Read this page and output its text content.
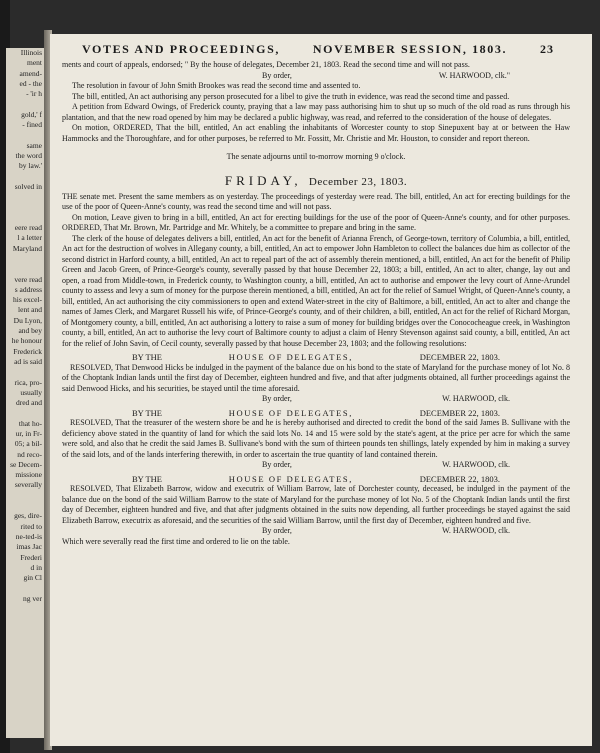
Illinois
ment
amend-
ed - the
- 'ir h

gold,' f
- fined

same
the word
by law.'

solved in

eere read
l a letter
Maryland

vere read
s address
his excel-
lent and
Du Lyon,
and bey
he honour
Frederick
ad is said

rica, pro-
usually
dred and

that ho-
ur, in Fr-
05; a bil-
nd reco-
se Decem-
missione
severally

ges, dire-
rited to
ne-ted-is
imas Jac
Frederi
d in
gin Cl

ng ver

VOTES AND PROCEEDINGS,	NOVEMBER SESSION, 1803.	23

ments and court of appeals, endorsed; " By the house of delegates, December 21, 1803. Read the second time and will not pass.

By order,	W. HARWOOD, clk."

The resolution in favour of John Smith Brookes was read the second time and assented to.

The bill, entitled, An act authorising any person prosecuted for a libel to give the truth in evidence, was read the second time and passed.

A petition from Edward Owings, of Frederick county, praying that a law may pass authorising him to shut up so much of the old road as runs through his plantation, and that the new road opened by him may be declared a public highway, was read, and referred to the consideration of the house of delegates.

On motion, ORDERED, That the bill, entitled, An act enabling the inhabitants of Worcester county to stop Sinepuxent bay at or between the Haw Hammocks and the Thoroughfare, and for other purposes, be referred to Mr. Fossitt, Mr. Christie and Mr. Houston, to consider and report thereon.

The senate adjourns until to-morrow morning 9 o'clock.

FRIDAY, December 23, 1803.

THE senate met. Present the same members as on yesterday. The proceedings of yesterday were read. The bill, entitled, An act for erecting buildings for the use of the poor of Queen-Anne's county, was read the second time and will not pass.

On motion, Leave given to bring in a bill, entitled, An act for erecting buildings for the use of the poor of Queen-Anne's county, and for other purposes. ORDERED, That Mr. Brown, Mr. Partridge and Mr. Whitely, be a committee to prepare and bring in the same.

The clerk of the house of delegates delivers a bill, entitled, An act for the benefit of Arianna French, of George-town, territory of Columbia, a bill, entitled, An act for the destruction of wolves in Allegany county, a bill, entitled, An act to empower John Hambleton to collect the balances due him as collector of the second district in Harford county, a bill, entitled, An act to repeal part of the act of assembly therein mentioned, a bill, entitled, An act for the benefit of Philip Green and Jacob Green, of Prince-George's county, severally passed by that house December 22, 1803; a bill, entitled, An act to alter, change, lay out and open, a road from Middle-town, in Frederick county, to Washington county, a bill, entitled, An act to authorise and empower the levy court of Anne-Arundel county to assess and levy a sum of money for the purpose therein mentioned, a bill, entitled, An act for the relief of Samuel Wright, of Queen-Anne's county, a bill, entitled, An act authorising the city commissioners to open and extend Water-street in the city of Baltimore, a bill, entitled, An act to alter and change the names of James Clerk, and Margaret Russell his wife, of Prince-George's county, and of their children, a bill, entitled, An act for the relief of Richard Morgan, of Montgomery county, a bill, entitled, An act authorising a lottery to raise a sum of money for building bridges over the Conococheague creek, in Washington county, a bill, entitled, An act to authorise the levy court of Baltimore county to adjust a claim of Henry Stevenson against said county, a bill, entitled, An act for the relief of John Savin, of Cecil county, severally passed by that house December 23, 1803; and the following resolutions:

BY THE	HOUSE OF DELEGATES,	DECEMBER 22, 1803.

RESOLVED, That Denwood Hicks be indulged in the payment of the balance due on his bond to the state of Maryland for the purchase money of lot No. 8 of the Choptank Indian lands until the first day of December, eighteen hundred and five, and that after judgments obtained, all further proceedings against the said Denwood Hicks, and his securities, be stayed until the time aforesaid.

By order,	W. HARWOOD, clk.
BY THE	HOUSE OF DELEGATES,	DECEMBER 22, 1803.

RESOLVED, That the treasurer of the western shore be and he is hereby authorised and directed to credit the bond of the said James B. Sullivane with the deficiency above stated in the quantity of land for which the said lots No. 14 and 15 were sold by the state's agent, at the price per acre for which the same were sold, and also that he credit the said James B. Sullivane's bond with the sum of thirteen pounds ten shillings, lately expended by him in making a survey of the said lots, and of the lands interfering therewith, in order to ascertain the true quantity of land contained therein.

By order,	W. HARWOOD, clk.
BY THE	HOUSE OF DELEGATES,	DECEMBER 22, 1803.

RESOLVED, That Elizabeth Barrow, widow and executrix of William Barrow, late of Dorchester county, deceased, be indulged in the payment of the balance due on the bond of the said William Barrow to the state of Maryland for the purchase money of lot No. 5 of the Choptank Indian lands until the first day of December, eighteen hundred and five, and that after judgments obtained in the suits now depending, all further proceedings be stayed against the said Elizabeth Barrow, executrix as aforesaid, and the securities of the said William Barrow, until the first day of December, eighteen hundred and five.

By order,	W. HARWOOD, clk.

Which were severally read the first time and ordered to lie on the table.
